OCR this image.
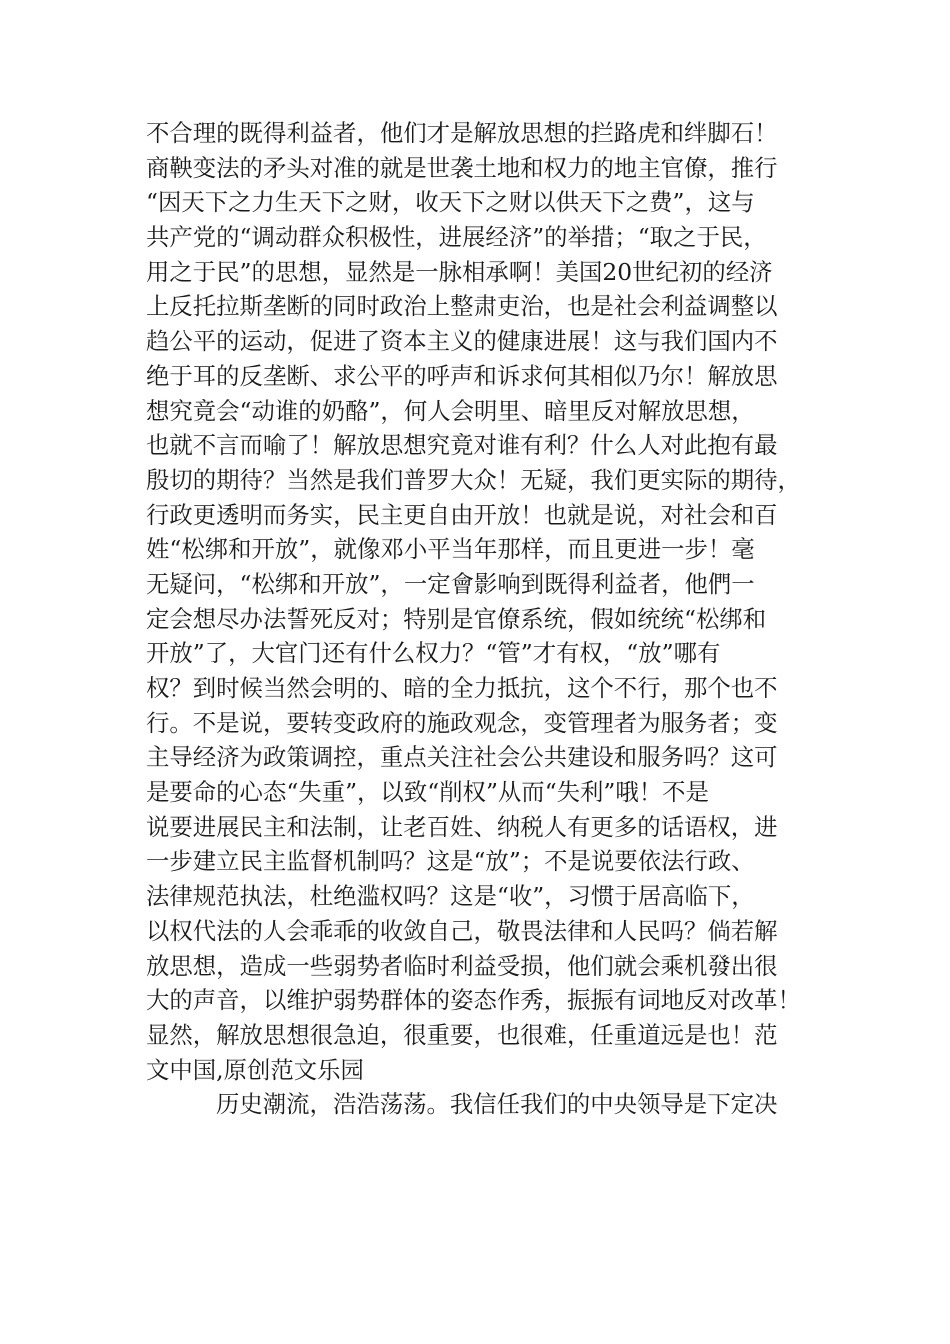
不合理的既得利益者，他们才是解放思想的拦路虎和绊脚石！
商鞅变法的矛头对准的就是世袭土地和权力的地主官僚，推行
“因天下之力生天下之财，收天下之财以供天下之费”，这与
共产党的“调动群众积极性，进展经济”的举措；“取之于民，
用之于民”的思想，显然是一脉相承啊！美国20世纪初的经济
上反托拉斯垄断的同时政治上整肃吏治，也是社会利益调整以
趋公平的运动，促进了资本主义的健康进展！这与我们国内不
绝于耳的反垄断、求公平的呼声和诉求何其相似乃尔！解放思
想究竟会“动谁的奶酪”，何人会明里、暗里反对解放思想，
也就不言而喻了！解放思想究竟对谁有利？什么人对此抱有最
殷切的期待？当然是我们普罗大众！无疑，我们更实际的期待，
行政更透明而务实，民主更自由开放！也就是说，对社会和百
姓“松绑和开放”，就像邓小平当年那样，而且更进一步！毫
无疑问，“松绑和开放”，一定會影响到既得利益者，他們一
定会想尽办法誓死反对；特别是官僚系统，假如统统“松绑和
开放”了，大官门还有什么权力？“管”才有权，“放”哪有
权？到时候当然会明的、暗的全力抵抗，这个不行，那个也不
行。不是说，要转变政府的施政观念，变管理者为服务者；变
主导经济为政策调控，重点关注社会公共建设和服务吗？这可
是要命的心态“失重”，以致“削权”从而“失利”哦！不是
说要进展民主和法制，让老百姓、纳税人有更多的话语权，进
一步建立民主监督机制吗？这是“放”；不是说要依法行政、
法律规范执法，杜绝滥权吗？这是“收”，习惯于居高临下，
以权代法的人会乖乖的收敛自己，敬畏法律和人民吗？倘若解
放思想，造成一些弱势者临时利益受损，他们就会乘机發出很
大的声音，以维护弱势群体的姿态作秀，振振有词地反对改革！
显然，解放思想很急迫，很重要，也很难，任重道远是也！范
文中国,原创范文乐园
历史潮流，浩浩荡荡。我信任我们的中央领导是下定决
